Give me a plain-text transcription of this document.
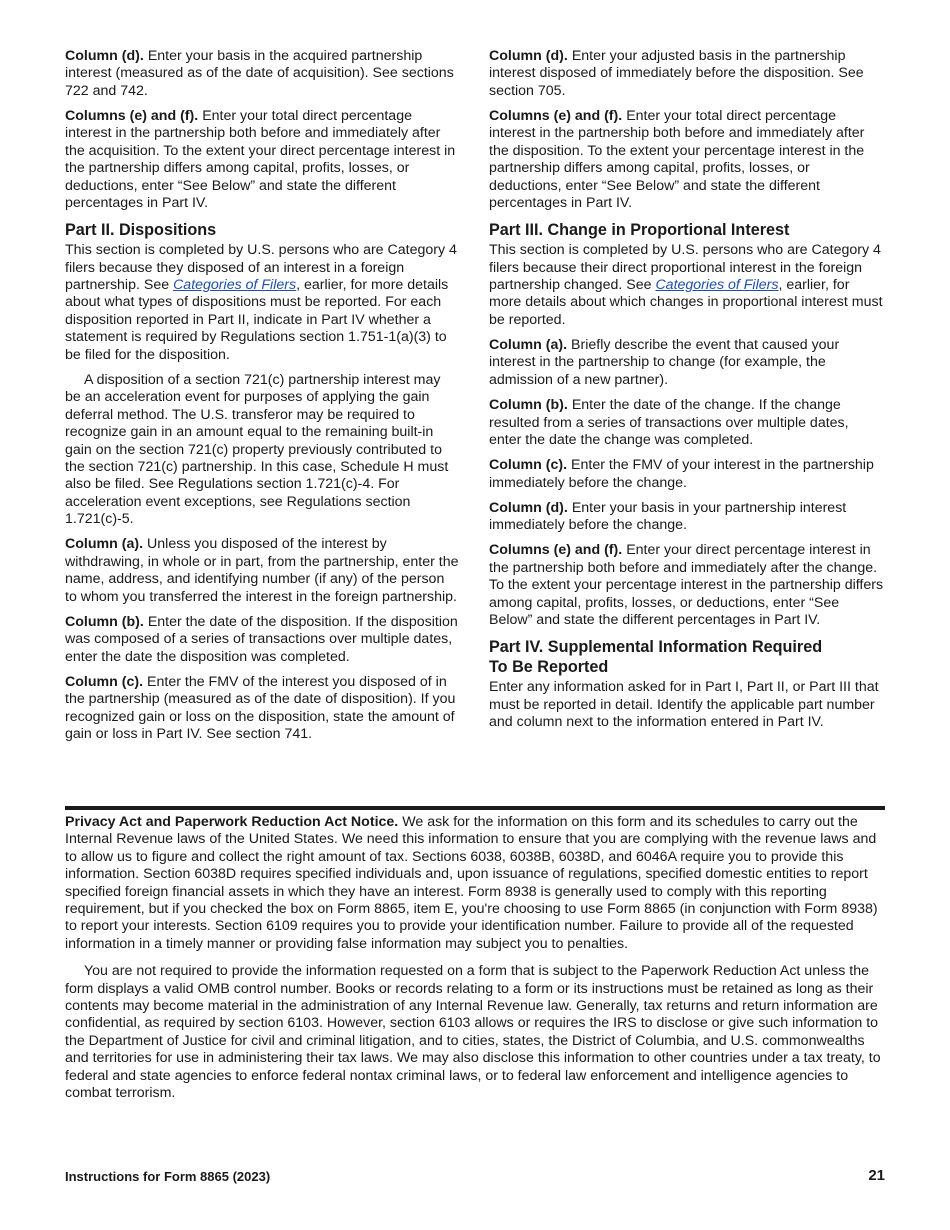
Column (d). Enter your basis in the acquired partnership interest (measured as of the date of acquisition). See sections 722 and 742.

Columns (e) and (f). Enter your total direct percentage interest in the partnership both before and immediately after the acquisition. To the extent your direct percentage interest in the partnership differs among capital, profits, losses, or deductions, enter “See Below” and state the different percentages in Part IV.

Part II. Dispositions

This section is completed by U.S. persons who are Category 4 filers because they disposed of an interest in a foreign partnership. See Categories of Filers, earlier, for more details about what types of dispositions must be reported. For each disposition reported in Part II, indicate in Part IV whether a statement is required by Regulations section 1.751-1(a)(3) to be filed for the disposition.

A disposition of a section 721(c) partnership interest may be an acceleration event for purposes of applying the gain deferral method. The U.S. transferor may be required to recognize gain in an amount equal to the remaining built-in gain on the section 721(c) property previously contributed to the section 721(c) partnership. In this case, Schedule H must also be filed. See Regulations section 1.721(c)-4. For acceleration event exceptions, see Regulations section 1.721(c)-5.

Column (a). Unless you disposed of the interest by withdrawing, in whole or in part, from the partnership, enter the name, address, and identifying number (if any) of the person to whom you transferred the interest in the foreign partnership.

Column (b). Enter the date of the disposition. If the disposition was composed of a series of transactions over multiple dates, enter the date the disposition was completed.

Column (c). Enter the FMV of the interest you disposed of in the partnership (measured as of the date of disposition). If you recognized gain or loss on the disposition, state the amount of gain or loss in Part IV. See section 741.

Column (d). Enter your adjusted basis in the partnership interest disposed of immediately before the disposition. See section 705.

Columns (e) and (f). Enter your total direct percentage interest in the partnership both before and immediately after the disposition. To the extent your percentage interest in the partnership differs among capital, profits, losses, or deductions, enter “See Below” and state the different percentages in Part IV.

Part III. Change in Proportional Interest

This section is completed by U.S. persons who are Category 4 filers because their direct proportional interest in the foreign partnership changed. See Categories of Filers, earlier, for more details about which changes in proportional interest must be reported.

Column (a). Briefly describe the event that caused your interest in the partnership to change (for example, the admission of a new partner).

Column (b). Enter the date of the change. If the change resulted from a series of transactions over multiple dates, enter the date the change was completed.

Column (c). Enter the FMV of your interest in the partnership immediately before the change.

Column (d). Enter your basis in your partnership interest immediately before the change.

Columns (e) and (f). Enter your direct percentage interest in the partnership both before and immediately after the change. To the extent your percentage interest in the partnership differs among capital, profits, losses, or deductions, enter “See Below” and state the different percentages in Part IV.

Part IV. Supplemental Information Required
To Be Reported

Enter any information asked for in Part I, Part II, or Part III that must be reported in detail. Identify the applicable part number and column next to the information entered in Part IV.

Privacy Act and Paperwork Reduction Act Notice. We ask for the information on this form and its schedules to carry out the Internal Revenue laws of the United States. We need this information to ensure that you are complying with the revenue laws and to allow us to figure and collect the right amount of tax. Sections 6038, 6038B, 6038D, and 6046A require you to provide this information. Section 6038D requires specified individuals and, upon issuance of regulations, specified domestic entities to report specified foreign financial assets in which they have an interest. Form 8938 is generally used to comply with this reporting requirement, but if you checked the box on Form 8865, item E, you're choosing to use Form 8865 (in conjunction with Form 8938) to report your interests. Section 6109 requires you to provide your identification number. Failure to provide all of the requested information in a timely manner or providing false information may subject you to penalties.

You are not required to provide the information requested on a form that is subject to the Paperwork Reduction Act unless the form displays a valid OMB control number. Books or records relating to a form or its instructions must be retained as long as their contents may become material in the administration of any Internal Revenue law. Generally, tax returns and return information are confidential, as required by section 6103. However, section 6103 allows or requires the IRS to disclose or give such information to the Department of Justice for civil and criminal litigation, and to cities, states, the District of Columbia, and U.S. commonwealths and territories for use in administering their tax laws. We may also disclose this information to other countries under a tax treaty, to federal and state agencies to enforce federal nontax criminal laws, or to federal law enforcement and intelligence agencies to combat terrorism.

Instructions for Form 8865 (2023)	21
